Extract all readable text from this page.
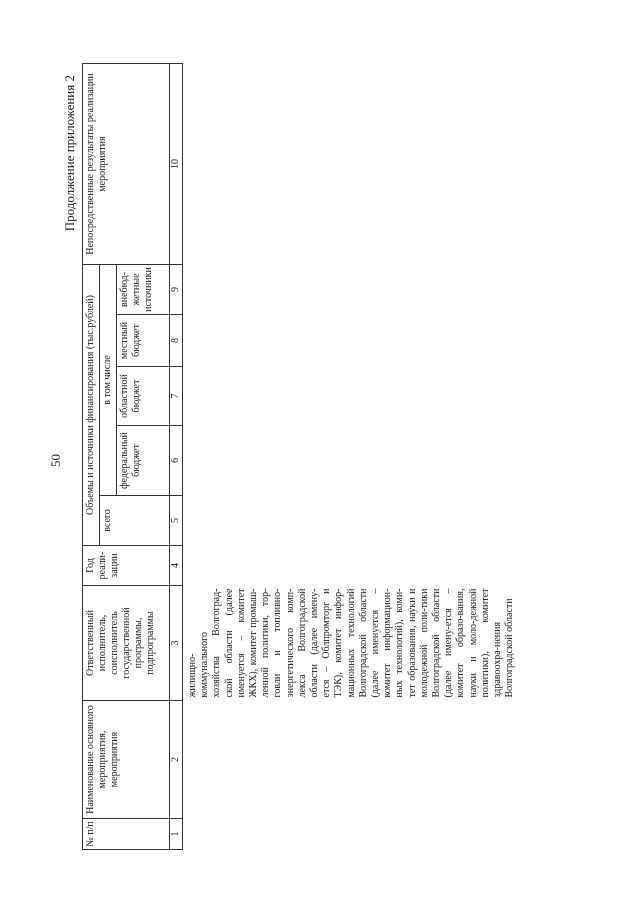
50
Продолжение приложения 2
№ п/п	Наименование основного мероприятия, мероприятия	Ответственный исполнитель, соисполнитель государственной программы, подпрограммы	Год реали-зации	Объемы и источники финансирования (тыс.рублей)					Непосредственные результаты реализации мероприятия
				всего	в том числе				
					федеральный бюджет	областной бюджет	местный бюджет	внебюд-жетные источники	
1	2	3	4	5	6	7	8	9	10
		жилищно-коммунального хозяйства Волгоград-ской области (далее именуется – комитет ЖКХ), комитет промыш-ленной политики, тор-говли и топливно-энергетического комп-лекса Волгоградской области (далее имену-ется – Облпромторг и ТЭК), комитет инфор-мационных технологий Волгоградской области (далее именуется – комитет информацион-ных технологий), коми-тет образования, науки и молодежной поли-тики Волгоградской области (далее имену-ется – комитет образо-вания, науки и моло-дежной политики), комитет здравоохра-нения Волгоградской области							
